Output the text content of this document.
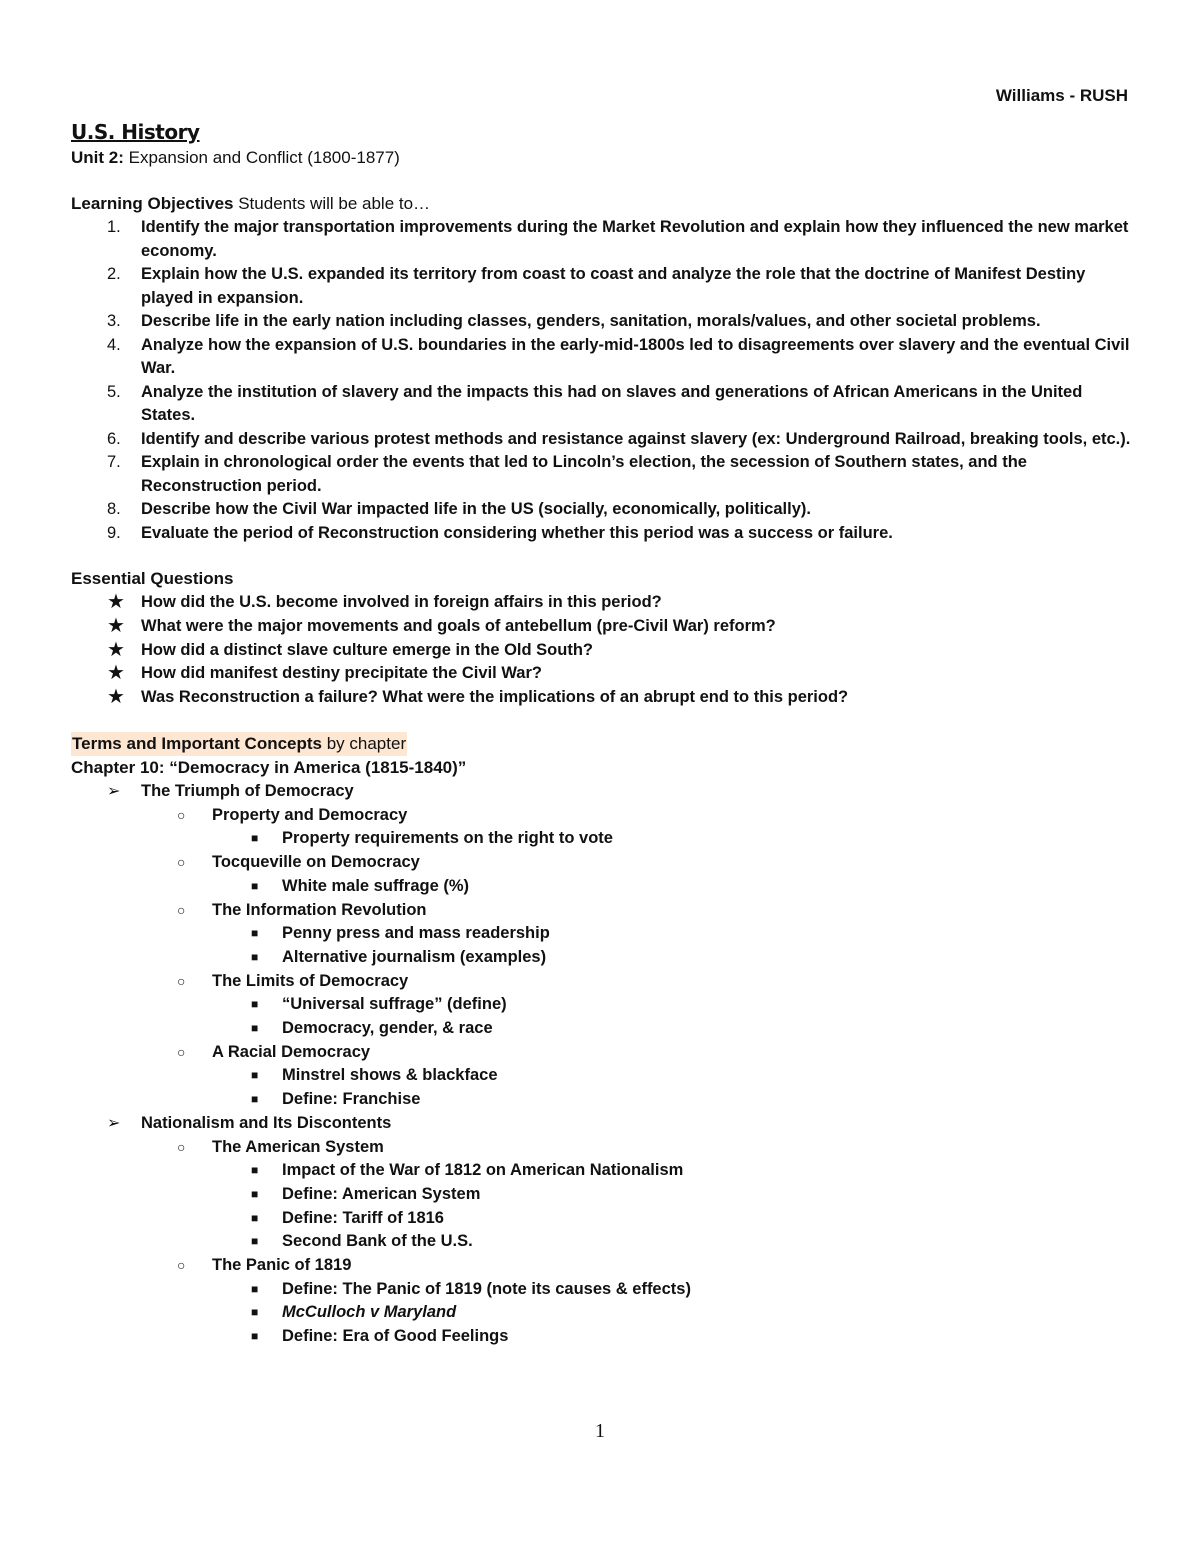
Williams - RUSH
U.S. History
Unit 2: Expansion and Conflict (1800-1877)
Learning Objectives Students will be able to…
1. Identify the major transportation improvements during the Market Revolution and explain how they influenced the new market economy.
2. Explain how the U.S. expanded its territory from coast to coast and analyze the role that the doctrine of Manifest Destiny played in expansion.
3. Describe life in the early nation including classes, genders, sanitation, morals/values, and other societal problems.
4. Analyze how the expansion of U.S. boundaries in the early-mid-1800s led to disagreements over slavery and the eventual Civil War.
5. Analyze the institution of slavery and the impacts this had on slaves and generations of African Americans in the United States.
6. Identify and describe various protest methods and resistance against slavery (ex: Underground Railroad, breaking tools, etc.).
7. Explain in chronological order the events that led to Lincoln’s election, the secession of Southern states, and the Reconstruction period.
8. Describe how the Civil War impacted life in the US (socially, economically, politically).
9. Evaluate the period of Reconstruction considering whether this period was a success or failure.
Essential Questions
★ How did the U.S. become involved in foreign affairs in this period?
★ What were the major movements and goals of antebellum (pre-Civil War) reform?
★ How did a distinct slave culture emerge in the Old South?
★ How did manifest destiny precipitate the Civil War?
★ Was Reconstruction a failure? What were the implications of an abrupt end to this period?
Terms and Important Concepts by chapter
Chapter 10: “Democracy in America (1815-1840)”
➢ The Triumph of Democracy
○ Property and Democracy
■ Property requirements on the right to vote
○ Tocqueville on Democracy
■ White male suffrage (%)
○ The Information Revolution
■ Penny press and mass readership
■ Alternative journalism (examples)
○ The Limits of Democracy
■ “Universal suffrage” (define)
■ Democracy, gender, & race
○ A Racial Democracy
■ Minstrel shows & blackface
■ Define: Franchise
➢ Nationalism and Its Discontents
○ The American System
■ Impact of the War of 1812 on American Nationalism
■ Define: American System
■ Define: Tariff of 1816
■ Second Bank of the U.S.
○ The Panic of 1819
■ Define: The Panic of 1819 (note its causes & effects)
■ McCulloch v Maryland
■ Define: Era of Good Feelings
1
